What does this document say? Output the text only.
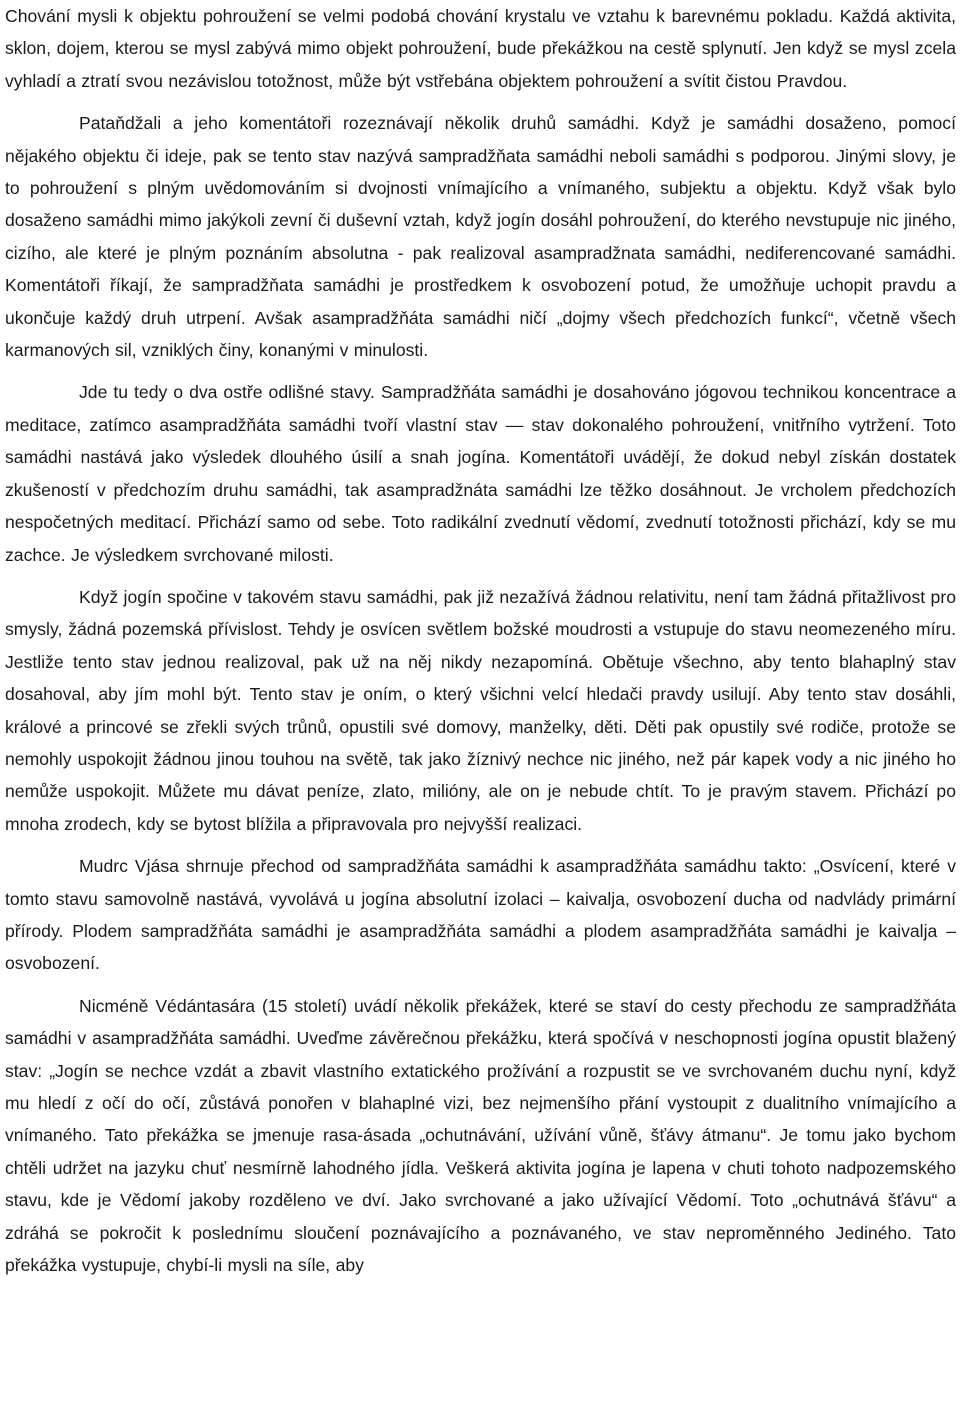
Chování mysli k objektu pohroužení se velmi podobá chování krystalu ve vztahu k barevnému pokladu. Každá aktivita, sklon, dojem, kterou se mysl zabývá mimo objekt pohroužení, bude překážkou na cestě splynutí. Jen když se mysl zcela vyhladí a ztratí svou nezávislou totožnost, může být vstřebána objektem pohroužení a svítit čistou Pravdou.

Pataňdžali a jeho komentátoři rozeznávají několik druhů samádhi. Když je samádhi dosaženo, pomocí nějakého objektu či ideje, pak se tento stav nazývá sampradžňata samádhi neboli samádhi s podporou. Jinými slovy, je to pohroužení s plným uvědomováním si dvojnosti vnímajícího a vnímaného, subjektu a objektu. Když však bylo dosaženo samádhi mimo jakýkoli zevní či duševní vztah, když jogín dosáhl pohroužení, do kterého nevstupuje nic jiného, cizího, ale které je plným poznáním absolutna - pak realizoval asampradžnata samádhi, nediferencované samádhi. Komentátoři říkají, že sampradžňata samádhi je prostředkem k osvobození potud, že umožňuje uchopit pravdu a ukončuje každý druh utrpení. Avšak asampradžňáta samádhi ničí „dojmy všech předchozích funkcí“, včetně všech karmanových sil, vzniklých činy, konanými v minulosti.

Jde tu tedy o dva ostře odlišné stavy. Sampradžňáta samádhi je dosahováno jógovou technikou koncentrace a meditace, zatímco asampradžňáta samádhi tvoří vlastní stav — stav dokonalého pohroužení, vnitřního vytržení. Toto samádhi nastává jako výsledek dlouhého úsilí a snah jogína. Komentátoři uvádějí, že dokud nebyl získán dostatek zkušeností v předchozím druhu samádhi, tak asampradžnáta samádhi lze těžko dosáhnout. Je vrcholem předchozích nespočetných meditací. Přichází samo od sebe. Toto radikální zvednutí vědomí, zvednutí totožnosti přichází, kdy se mu zachce. Je výsledkem svrchované milosti.

Když jogín spočine v takovém stavu samádhi, pak již nezažívá žádnou relativitu, není tam žádná přitažlivost pro smysly, žádná pozemská přívislost. Tehdy je osvícen světlem božské moudrosti a vstupuje do stavu neomezeného míru. Jestliže tento stav jednou realizoval, pak už na něj nikdy nezapomíná. Obětuje všechno, aby tento blahaplný stav dosahoval, aby jím mohl být. Tento stav je oním, o který všichni velcí hledači pravdy usilují. Aby tento stav dosáhli, králové a princové se zřekli svých trůnů, opustili své domovy, manželky, děti. Děti pak opustily své rodiče, protože se nemohly uspokojit žádnou jinou touhou na světě, tak jako žíznivý nechce nic jiného, než pár kapek vody a nic jiného ho nemůže uspokojit. Můžete mu dávat peníze, zlato, milióny, ale on je nebude chtít. To je pravým stavem. Přichází po mnoha zrodech, kdy se bytost blížila a připravovala pro nejvyšší realizaci.

Mudrc Vjása shrnuje přechod od sampradžňáta samádhi k asampradžňáta samádhu takto: „Osvícení, které v tomto stavu samovolně nastává, vyvolává u jogína absolutní izolaci – kaivalja, osvobození ducha od nadvlády primární přírody. Plodem sampradžňáta samádhi je asampradžňáta samádhi a plodem asampradžňáta samádhi je kaivalja – osvobození.

Nicméně Védántasára (15 století) uvádí několik překážek, které se staví do cesty přechodu ze sampradžňáta samádhi v asampradžňáta samádhi. Uveďme závěrečnou překážku, která spočívá v neschopnosti jogína opustit blažený stav: „Jogín se nechce vzdát a zbavit vlastního extatického prožívání a rozpustit se ve svrchovaném duchu nyní, když mu hledí z očí do očí, zůstává ponořen v blahaplné vizi, bez nejmenšího přání vystoupit z dualitního vnímajícího a vnímaného. Tato překážka se jmenuje rasa-ásada „ochutnávání, užívání vůně, šťávy átmanu“. Je tomu jako bychom chtěli udržet na jazyku chuť nesmírně lahodného jídla. Veškerá aktivita jogína je lapena v chuti tohoto nadpozemského stavu, kde je Vědomí jakoby rozděleno ve dví. Jako svrchované a jako užívající Vědomí. Toto „ochutnává šťávu“ a zdráhá se pokročit k poslednímu sloučení poznávajícího a poznávaného, ve stav neproměnného Jediného. Tato překážka vystupuje, chybí-li mysli na síle, aby
